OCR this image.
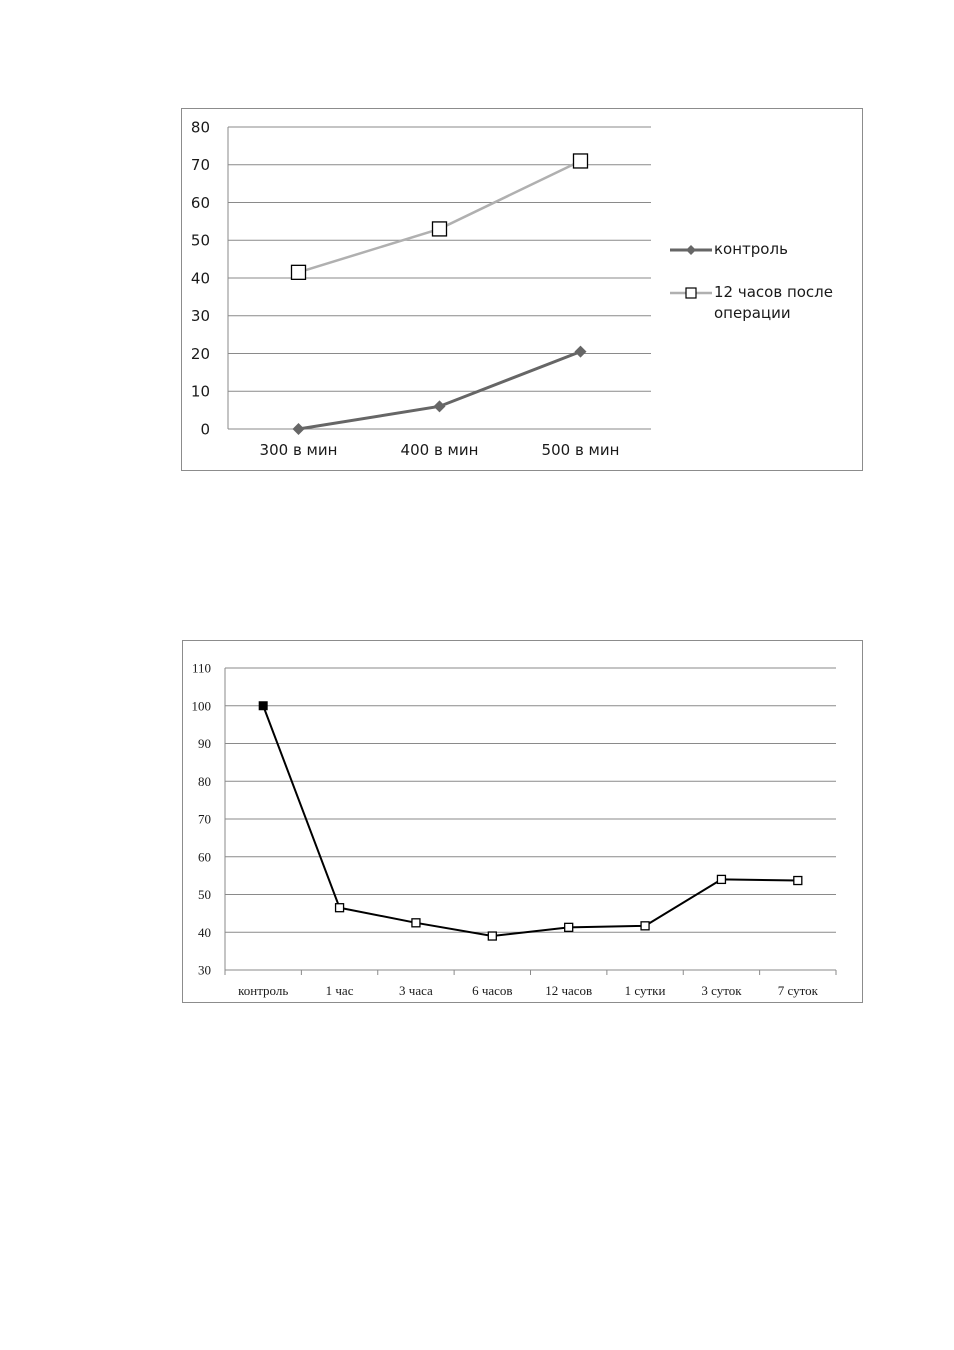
0
10
20
30
40
50
60
70
80
300 в мин	400 в мин	500 в мин
контроль
12 часов после
операции
30
40
50
60
70
80
90
100
110
контроль	1 час	3 часа	6 часов	12 часов 1 сутки	3 суток	7 суток
